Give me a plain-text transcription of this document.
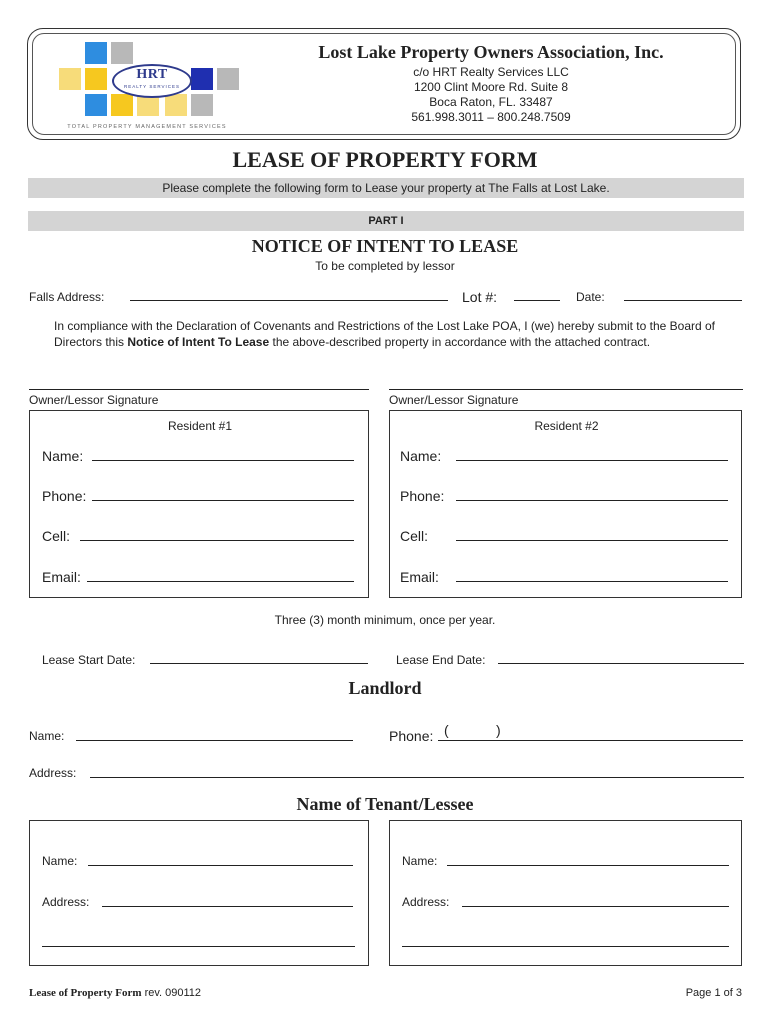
HRT
REALTY SERVICES
TOTAL PROPERTY MANAGEMENT SERVICES
Lost Lake Property Owners Association, Inc.
c/o HRT Realty Services LLC
1200 Clint Moore Rd. Suite 8
Boca Raton, FL. 33487
561.998.3011 – 800.248.7509
LEASE OF PROPERTY FORM
Please complete the following form to Lease your property at The Falls at Lost Lake.
PART I
NOTICE OF INTENT TO LEASE
To be completed by lessor
Falls Address:	Lot #:	Date:
In compliance with the Declaration of Covenants and Restrictions of the Lost Lake POA, I (we) hereby submit to the Board of Directors this Notice of Intent To Lease the above-described property in accordance with the attached contract.
Owner/Lessor Signature	Owner/Lessor Signature
Resident #1
Name:
Phone:
Cell:
Email:
Resident #2
Name:
Phone:
Cell:
Email:
Three (3) month minimum, once per year.
Lease Start Date:	Lease End Date:
Landlord
Name:	Phone: (	)
Address:
Name of Tenant/Lessee
Name:
Address:
Name:
Address:
Lease of Property Form rev. 090112	Page 1 of 3
